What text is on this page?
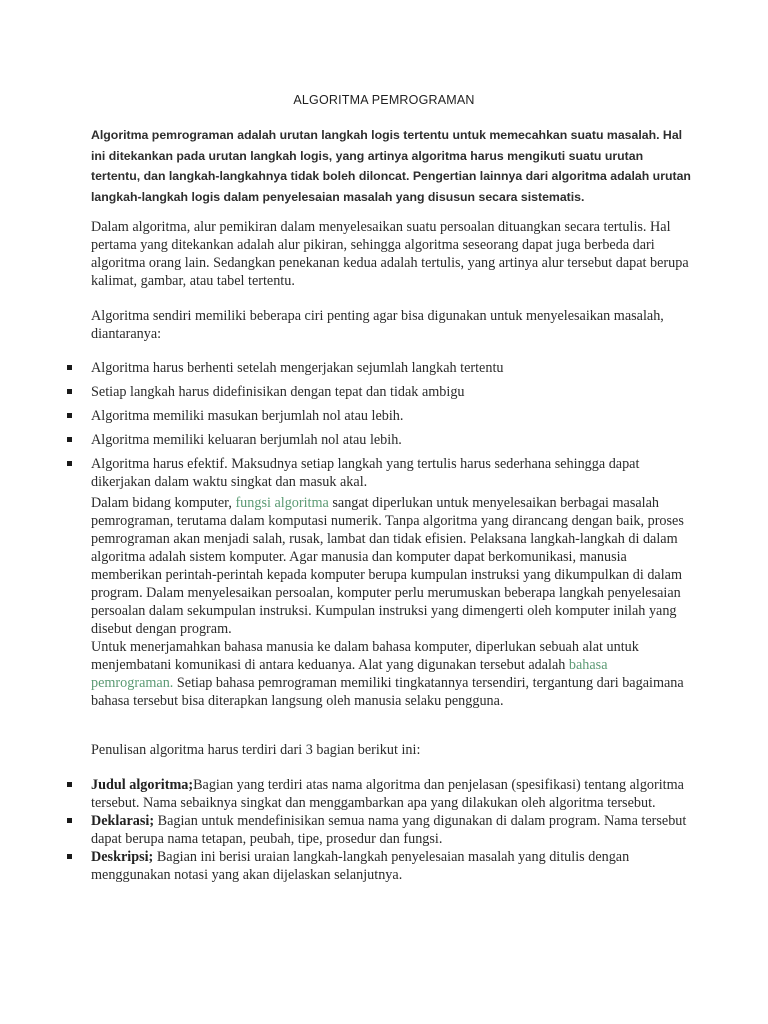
ALGORITMA PEMROGRAMAN

Algoritma pemrograman adalah urutan langkah logis tertentu untuk memecahkan suatu masalah. Hal ini ditekankan pada urutan langkah logis, yang artinya algoritma harus mengikuti suatu urutan tertentu, dan langkah-langkahnya tidak boleh diloncat. Pengertian lainnya dari algoritma adalah urutan langkah-langkah logis dalam penyelesaian masalah yang disusun secara sistematis.

Dalam algoritma, alur pemikiran dalam menyelesaikan suatu persoalan dituangkan secara tertulis. Hal pertama yang ditekankan adalah alur pikiran, sehingga algoritma seseorang dapat juga berbeda dari algoritma orang lain. Sedangkan penekanan kedua adalah tertulis, yang artinya alur tersebut dapat berupa kalimat, gambar, atau tabel tertentu.

Algoritma sendiri memiliki beberapa ciri penting agar bisa digunakan untuk menyelesaikan masalah, diantaranya:

Algoritma harus berhenti setelah mengerjakan sejumlah langkah tertentu
Setiap langkah harus didefinisikan dengan tepat dan tidak ambigu
Algoritma memiliki masukan berjumlah nol atau lebih.
Algoritma memiliki keluaran berjumlah nol atau lebih.
Algoritma harus efektif. Maksudnya setiap langkah yang tertulis harus sederhana sehingga dapat dikerjakan dalam waktu singkat dan masuk akal.

Dalam bidang komputer, fungsi algoritma sangat diperlukan untuk menyelesaikan berbagai masalah pemrograman, terutama dalam komputasi numerik. Tanpa algoritma yang dirancang dengan baik, proses pemrograman akan menjadi salah, rusak, lambat dan tidak efisien. Pelaksana langkah-langkah di dalam algoritma adalah sistem komputer. Agar manusia dan komputer dapat berkomunikasi, manusia memberikan perintah-perintah kepada komputer berupa kumpulan instruksi yang dikumpulkan di dalam program. Dalam menyelesaikan persoalan, komputer perlu merumuskan beberapa langkah penyelesaian persoalan dalam sekumpulan instruksi. Kumpulan instruksi yang dimengerti oleh komputer inilah yang disebut dengan program.
Untuk menerjamahkan bahasa manusia ke dalam bahasa komputer, diperlukan sebuah alat untuk menjembatani komunikasi di antara keduanya. Alat yang digunakan tersebut adalah bahasa pemrograman. Setiap bahasa pemrograman memiliki tingkatannya tersendiri, tergantung dari bagaimana bahasa tersebut bisa diterapkan langsung oleh manusia selaku pengguna.

Penulisan algoritma harus terdiri dari 3 bagian berikut ini:

Judul algoritma;Bagian yang terdiri atas nama algoritma dan penjelasan (spesifikasi) tentang algoritma tersebut. Nama sebaiknya singkat dan menggambarkan apa yang dilakukan oleh algoritma tersebut.
Deklarasi; Bagian untuk mendefinisikan semua nama yang digunakan di dalam program. Nama tersebut dapat berupa nama tetapan, peubah, tipe, prosedur dan fungsi.
Deskripsi; Bagian ini berisi uraian langkah-langkah penyelesaian masalah yang ditulis dengan menggunakan notasi yang akan dijelaskan selanjutnya.
